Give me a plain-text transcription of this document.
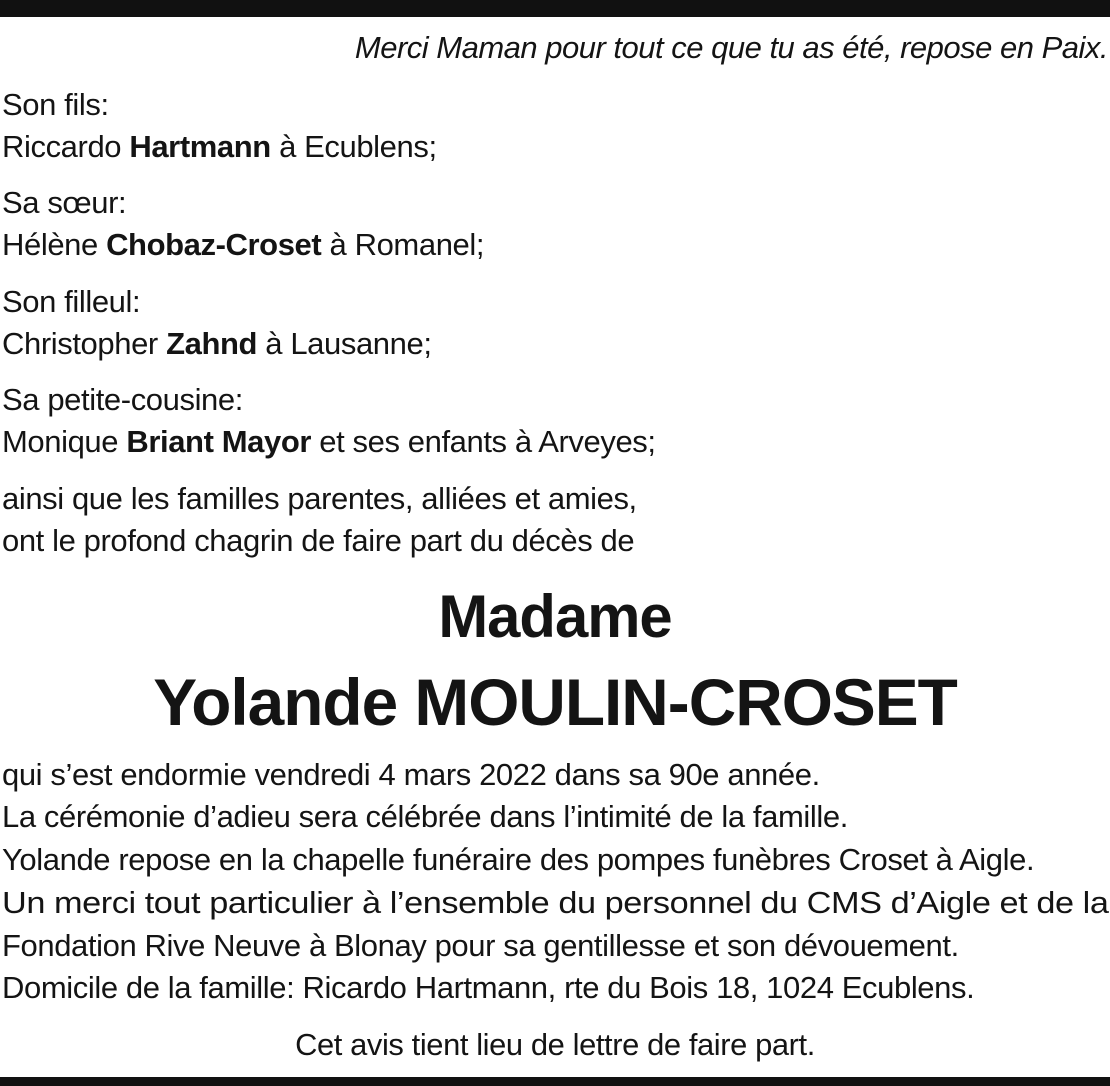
Merci Maman pour tout ce que tu as été, repose en Paix.
Son fils:
Riccardo Hartmann à Ecublens;
Sa sœur:
Hélène Chobaz-Croset à Romanel;
Son filleul:
Christopher Zahnd à Lausanne;
Sa petite-cousine:
Monique Briant Mayor et ses enfants à Arveyes;
ainsi que les familles parentes, alliées et amies,
ont le profond chagrin de faire part du décès de
Madame
Yolande MOULIN-CROSET
qui s’est endormie vendredi 4 mars 2022 dans sa 90e année.
La cérémonie d’adieu sera célébrée dans l’intimité de la famille.
Yolande repose en la chapelle funéraire des pompes funèbres Croset à Aigle.
Un merci tout particulier à l’ensemble du personnel du CMS d’Aigle et de la
Fondation Rive Neuve à Blonay pour sa gentillesse et son dévouement.
Domicile de la famille: Ricardo Hartmann, rte du Bois 18, 1024 Ecublens.
Cet avis tient lieu de lettre de faire part.
